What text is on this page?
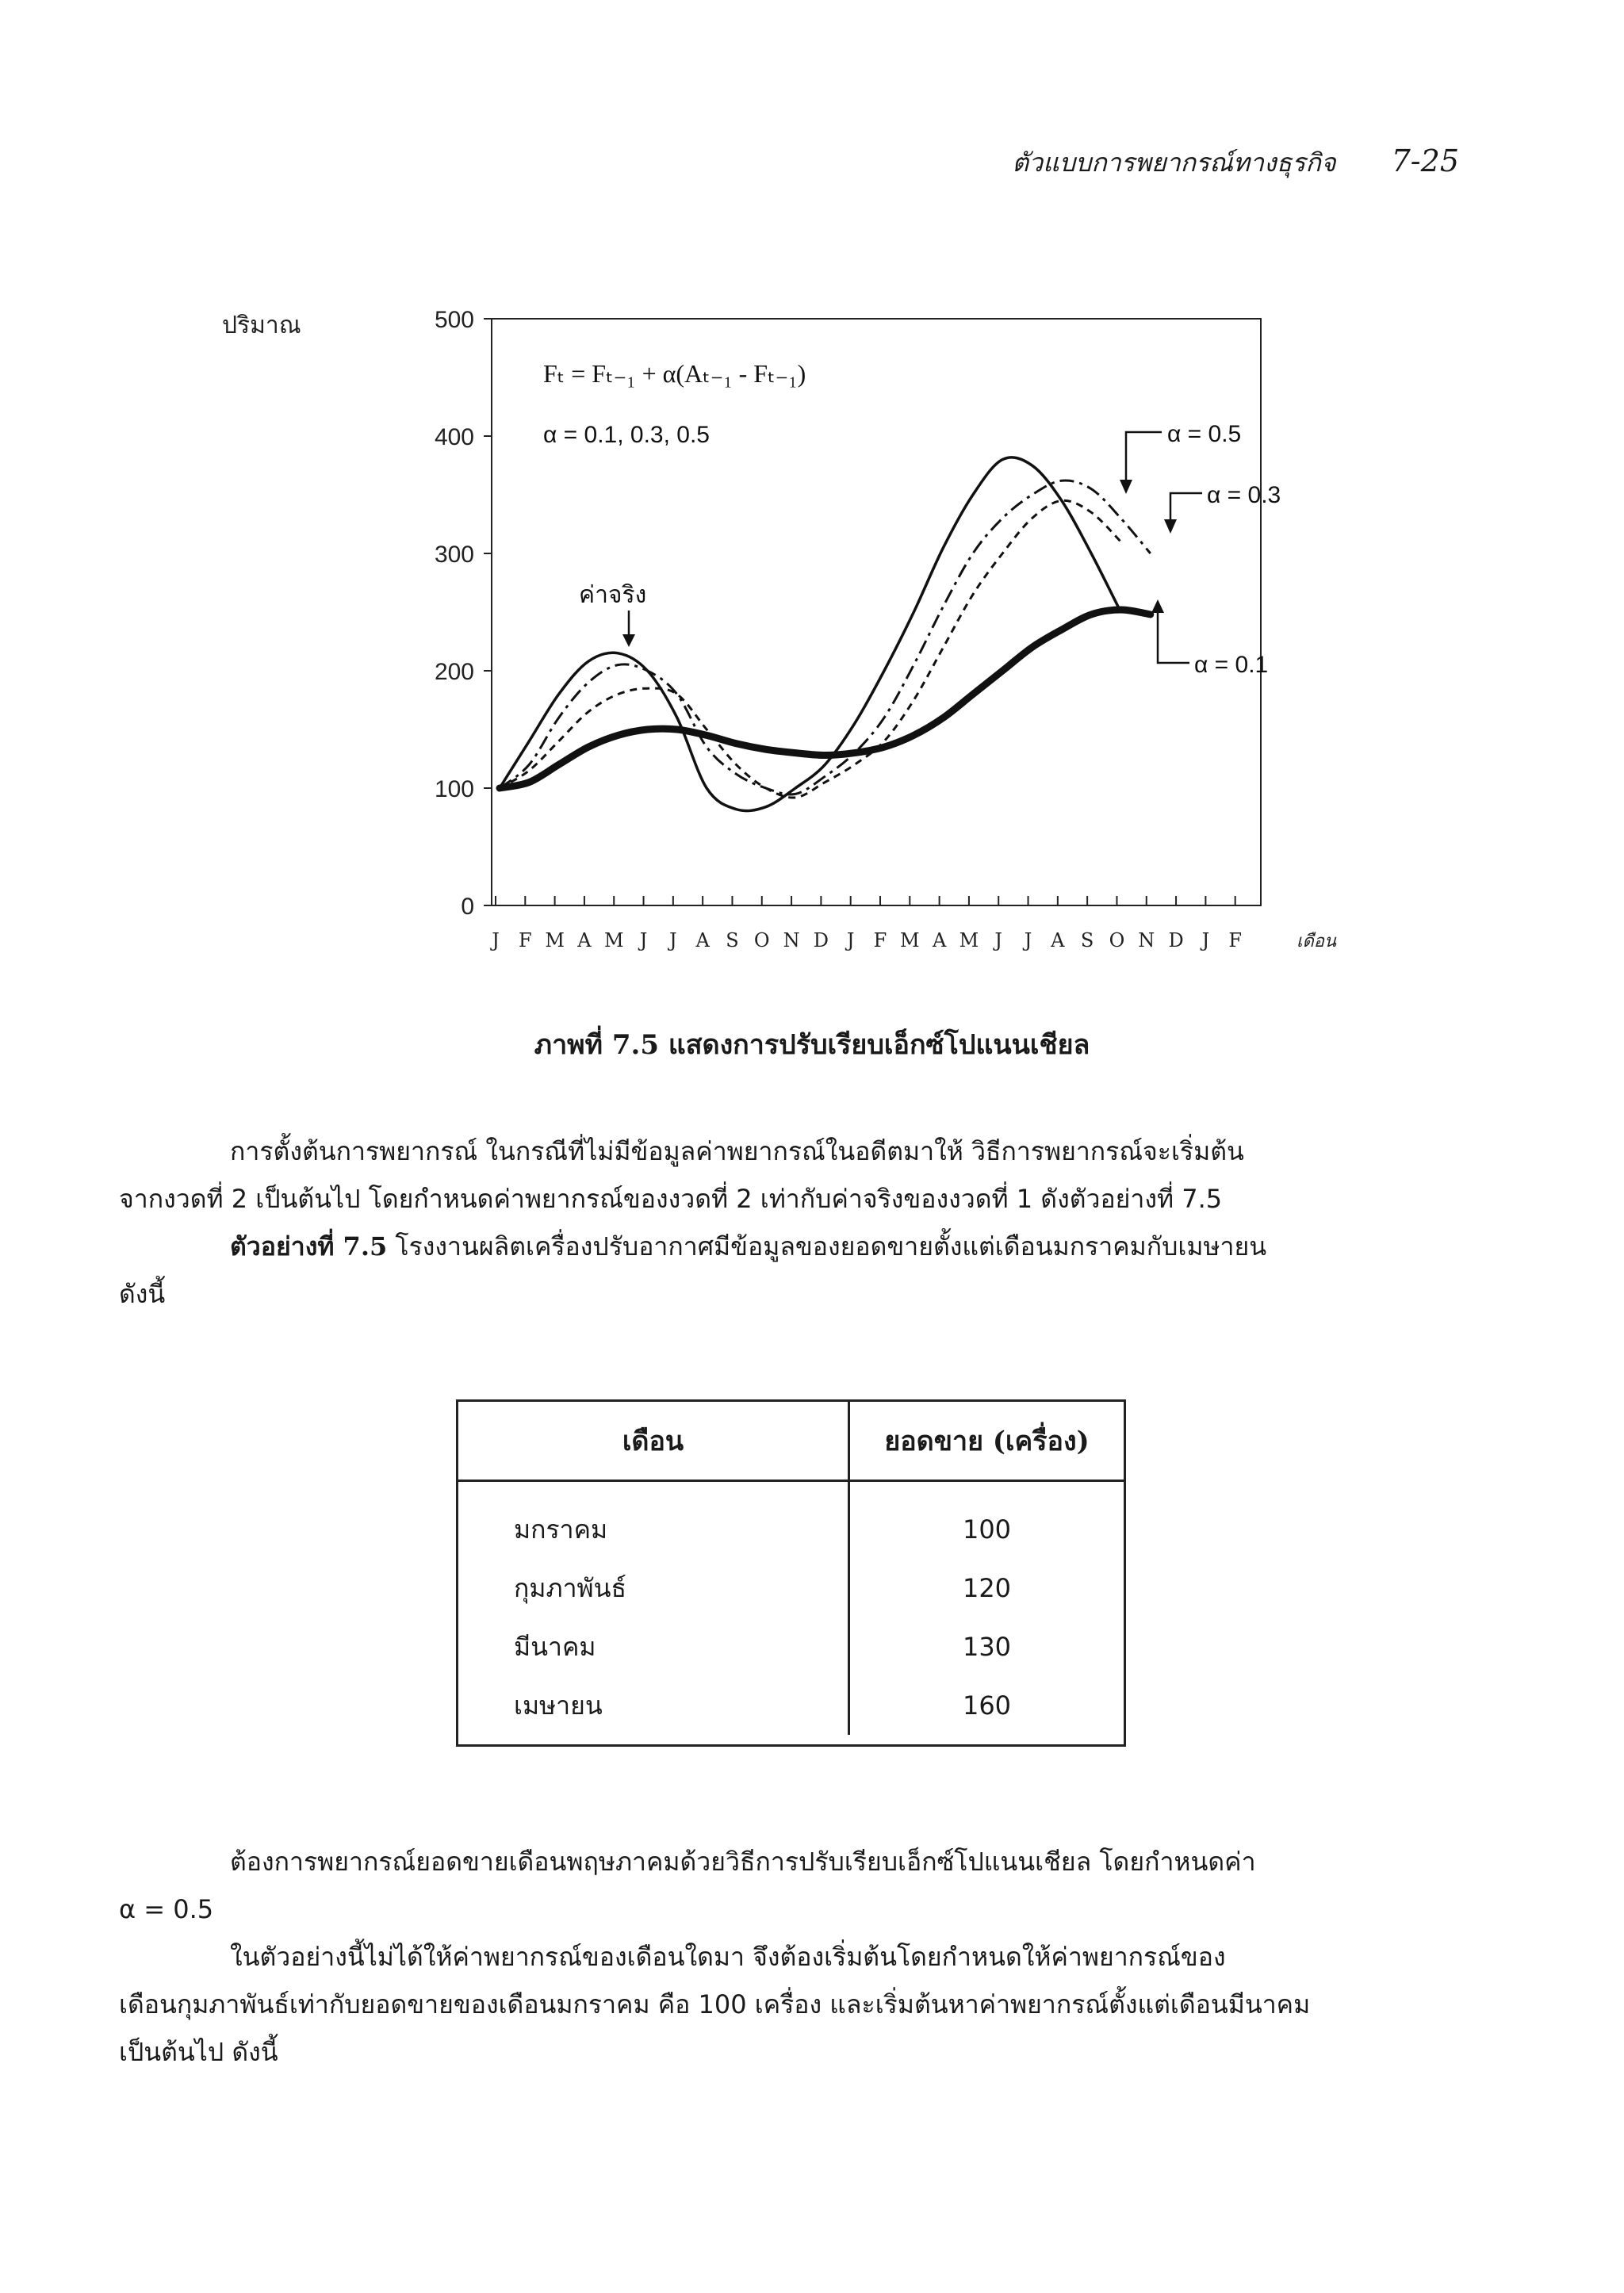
ตัวแบบการพยากรณ์ทางธุรกิจ 7-25
0
100
200
300
400
500
ปริมาณ
J F M A M J J A S O N D J F M A M J J A S O N D J F	เดือน
Fₜ = Fₜ₋₁ + α(Aₜ₋₁ - Fₜ₋₁)
α = 0.1, 0.3, 0.5
ค่าจริง
α = 0.5
α = 0.3
α = 0.1
ภาพที่ 7.5 แสดงการปรับเรียบเอ็กซ์โปแนนเชียล
การตั้งต้นการพยากรณ์ ในกรณีที่ไม่มีข้อมูลค่าพยากรณ์ในอดีตมาให้ วิธีการพยากรณ์จะเริ่มต้น
จากงวดที่ 2 เป็นต้นไป โดยกำหนดค่าพยากรณ์ของงวดที่ 2 เท่ากับค่าจริงของงวดที่ 1 ดังตัวอย่างที่ 7.5
ตัวอย่างที่ 7.5 โรงงานผลิตเครื่องปรับอากาศมีข้อมูลของยอดขายตั้งแต่เดือนมกราคมกับเมษายน
ดังนี้
เดือน	ยอดขาย (เครื่อง)
มกราคม	100
กุมภาพันธ์	120
มีนาคม	130
เมษายน	160
ต้องการพยากรณ์ยอดขายเดือนพฤษภาคมด้วยวิธีการปรับเรียบเอ็กซ์โปแนนเชียล โดยกำหนดค่า
α = 0.5
ในตัวอย่างนี้ไม่ได้ให้ค่าพยากรณ์ของเดือนใดมา จึงต้องเริ่มต้นโดยกำหนดให้ค่าพยากรณ์ของ
เดือนกุมภาพันธ์เท่ากับยอดขายของเดือนมกราคม คือ 100 เครื่อง และเริ่มต้นหาค่าพยากรณ์ตั้งแต่เดือนมีนาคม
เป็นต้นไป ดังนี้
